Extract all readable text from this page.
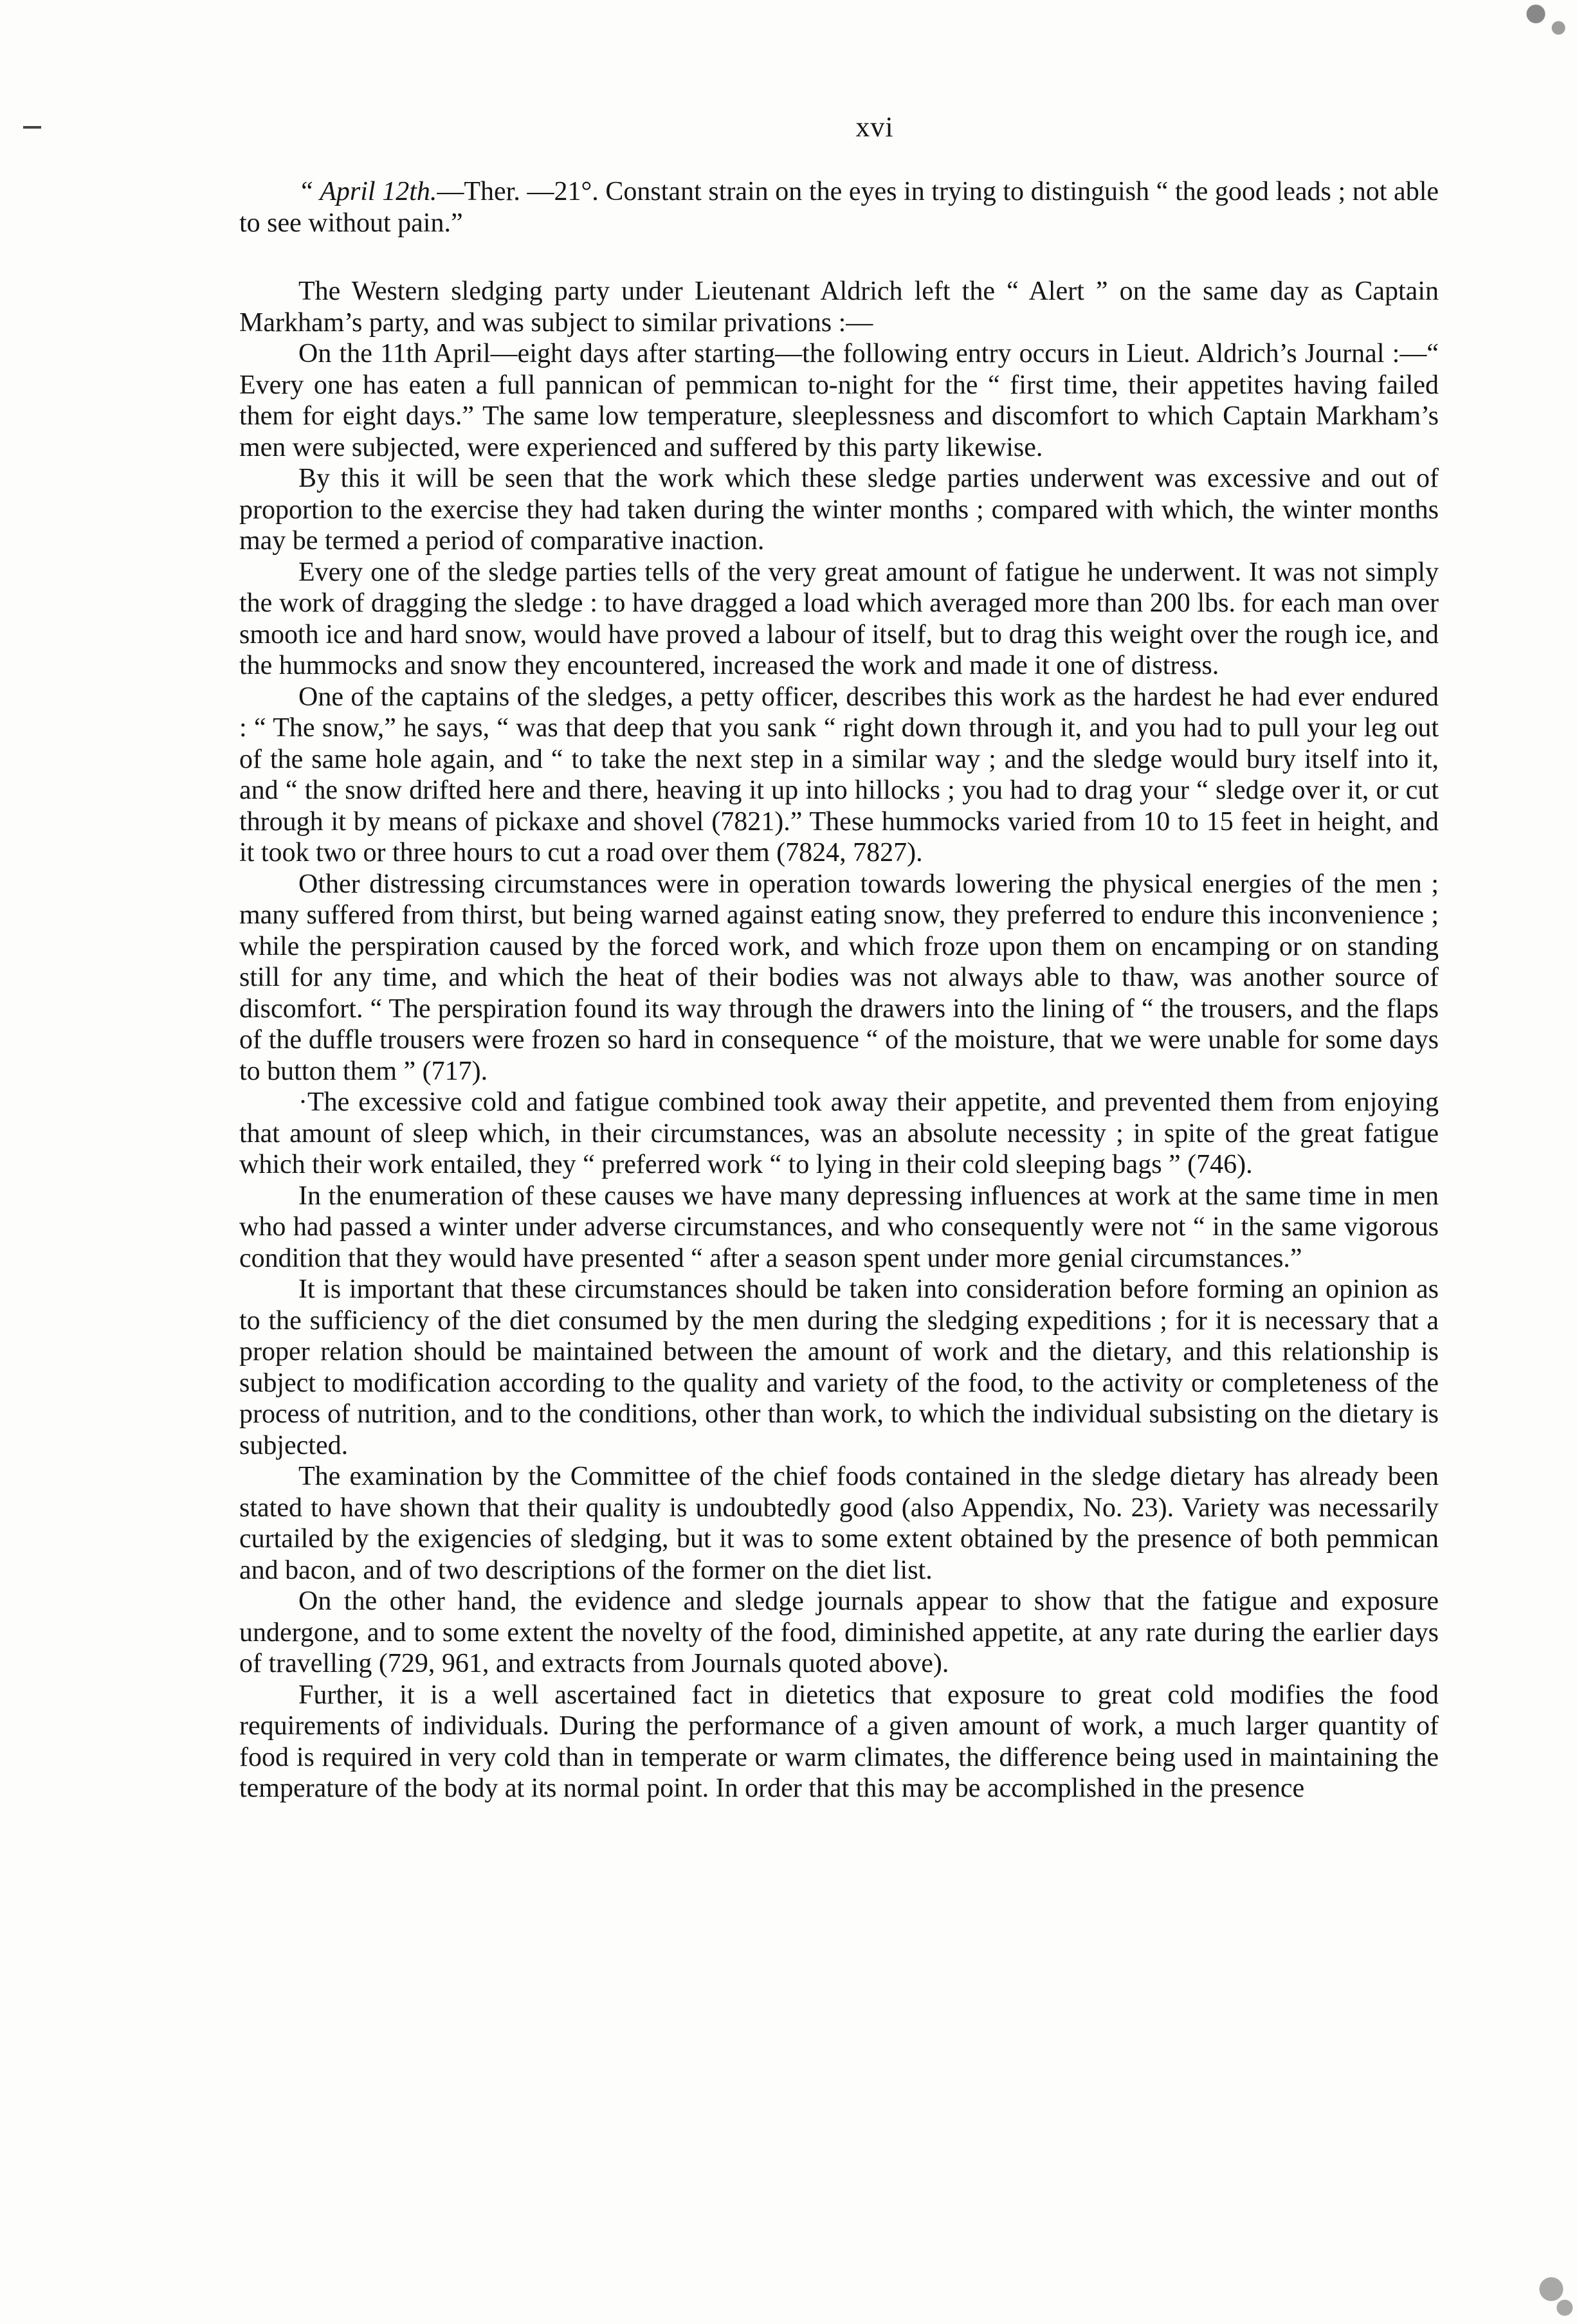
xvi

“ April 12th.—Ther. —21°. Constant strain on the eyes in trying to distinguish “ the good leads ; not able to see without pain.”

The Western sledging party under Lieutenant Aldrich left the “ Alert ” on the same day as Captain Markham’s party, and was subject to similar privations :—

On the 11th April—eight days after starting—the following entry occurs in Lieut. Aldrich’s Journal :—“ Every one has eaten a full pannican of pemmican to-night for the “ first time, their appetites having failed them for eight days.” The same low temperature, sleeplessness and discomfort to which Captain Markham’s men were subjected, were experienced and suffered by this party likewise.

By this it will be seen that the work which these sledge parties underwent was excessive and out of proportion to the exercise they had taken during the winter months ; compared with which, the winter months may be termed a period of comparative inaction.

Every one of the sledge parties tells of the very great amount of fatigue he underwent. It was not simply the work of dragging the sledge : to have dragged a load which averaged more than 200 lbs. for each man over smooth ice and hard snow, would have proved a labour of itself, but to drag this weight over the rough ice, and the hummocks and snow they encountered, increased the work and made it one of distress.

One of the captains of the sledges, a petty officer, describes this work as the hardest he had ever endured : “ The snow,” he says, “ was that deep that you sank “ right down through it, and you had to pull your leg out of the same hole again, and “ to take the next step in a similar way ; and the sledge would bury itself into it, and “ the snow drifted here and there, heaving it up into hillocks ; you had to drag your “ sledge over it, or cut through it by means of pickaxe and shovel (7821).” These hummocks varied from 10 to 15 feet in height, and it took two or three hours to cut a road over them (7824, 7827).

Other distressing circumstances were in operation towards lowering the physical energies of the men ; many suffered from thirst, but being warned against eating snow, they preferred to endure this inconvenience ; while the perspiration caused by the forced work, and which froze upon them on encamping or on standing still for any time, and which the heat of their bodies was not always able to thaw, was another source of discomfort. “ The perspiration found its way through the drawers into the lining of “ the trousers, and the flaps of the duffle trousers were frozen so hard in consequence “ of the moisture, that we were unable for some days to button them ” (717).

·The excessive cold and fatigue combined took away their appetite, and prevented them from enjoying that amount of sleep which, in their circumstances, was an absolute necessity ; in spite of the great fatigue which their work entailed, they “ preferred work “ to lying in their cold sleeping bags ” (746).

In the enumeration of these causes we have many depressing influences at work at the same time in men who had passed a winter under adverse circumstances, and who consequently were not “ in the same vigorous condition that they would have presented “ after a season spent under more genial circumstances.”

It is important that these circumstances should be taken into consideration before forming an opinion as to the sufficiency of the diet consumed by the men during the sledging expeditions ; for it is necessary that a proper relation should be maintained between the amount of work and the dietary, and this relationship is subject to modification according to the quality and variety of the food, to the activity or completeness of the process of nutrition, and to the conditions, other than work, to which the individual subsisting on the dietary is subjected.

The examination by the Committee of the chief foods contained in the sledge dietary has already been stated to have shown that their quality is undoubtedly good (also Appendix, No. 23). Variety was necessarily curtailed by the exigencies of sledging, but it was to some extent obtained by the presence of both pemmican and bacon, and of two descriptions of the former on the diet list.

On the other hand, the evidence and sledge journals appear to show that the fatigue and exposure undergone, and to some extent the novelty of the food, diminished appetite, at any rate during the earlier days of travelling (729, 961, and extracts from Journals quoted above).

Further, it is a well ascertained fact in dietetics that exposure to great cold modifies the food requirements of individuals. During the performance of a given amount of work, a much larger quantity of food is required in very cold than in temperate or warm climates, the difference being used in maintaining the temperature of the body at its normal point. In order that this may be accomplished in the presence
